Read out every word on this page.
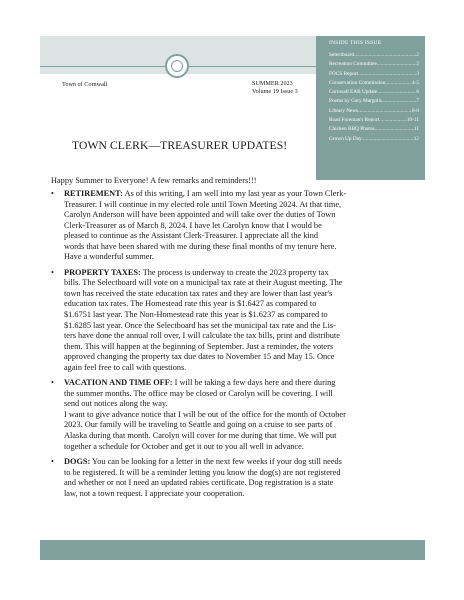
INSIDE THIS ISSUE
Selectboard .....	2
Recreation Committee .....	2
FOCS Report .....	3
Conservation Commission .....	4-5
Cornwall EAB Update .....	6
Poems by Gary Margolis .....	7
Library News .....	8-9
Road Foreman's Report .....	10-11
Chicken BBQ Photos .....	11
Grown Up Day .....	12
Town of Cornwall	SUMMER 2023
Volume 19 Issue 3
TOWN CLERK—TREASURER UPDATES!
Happy Summer to Everyone! A few remarks and reminders!!!
• RETIREMENT: As of this writing, I am well into my last year as your Town Clerk-
Treasurer. I will continue in my elected role until Town Meeting 2024. At that time,
Carolyn Anderson will have been appointed and will take over the duties of Town
Clerk-Treasurer as of March 8, 2024. I have let Carolyn know that I would be
pleased to continue as the Assistant Clerk-Treasurer. I appreciate all the kind
words that have been shared with me during these final months of my tenure here.
Have a wonderful summer.
• PROPERTY TAXES: The process is underway to create the 2023 property tax
bills. The Selectboard will vote on a municipal tax rate at their August meeting. The
town has received the state education tax rates and they are lower than last year's
education tax rates. The Homestead rate this year is $1.6427 as compared to
$1.6751 last year. The Non-Homestead rate this year is $1.6237 as compared to
$1.6285 last year. Once the Selectboard has set the municipal tax rate and the Lis-
ters have done the annual roll over, I will calculate the tax bills, print and distribute
them. This will happen at the beginning of September. Just a reminder, the voters
approved changing the property tax due dates to November 15 and May 15. Once
again feel free to call with questions.
• VACATION AND TIME OFF: I will be taking a few days here and there during
the summer months. The office may be closed or Carolyn will be covering. I will
send out notices along the way.
I want to give advance notice that I will be out of the office for the month of October
2023. Our family will be traveling to Seattle and going on a cruise to see parts of
Alaska during that month. Carolyn will cover for me during that time. We will put
together a schedule for October and get it out to you all well in advance.
• DOGS: You can be looking for a letter in the next few weeks if your dog still needs
to be registered. It will be a reminder letting you know the dog(s) are not registered
and whether or not I need an updated rabies certificate. Dog registration is a state
law, not a town request. I appreciate your cooperation.
